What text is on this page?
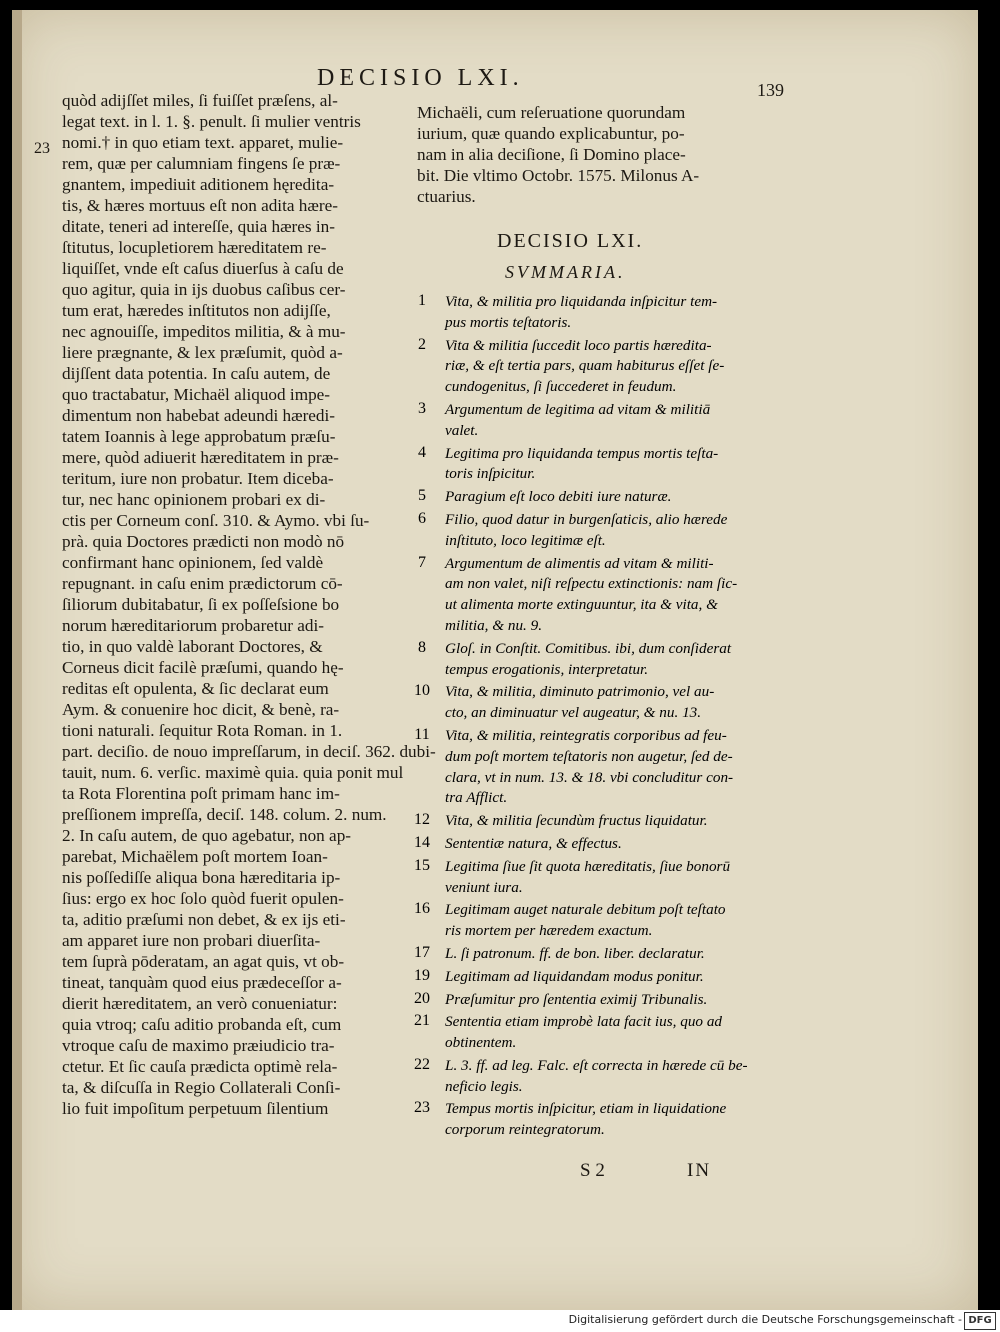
DECISIO LXI.	139
23
quòd adijſſet miles, ſi fuiſſet præſens, al-
legat text. in l. 1. §. penult. ſi mulier ventris
nomi.† in quo etiam text. apparet, mulie-
rem, quæ per calumniam fingens ſe præ-
gnantem, impediuit aditionem hęredita-
tis, & hæres mortuus eſt non adita hære-
ditate, teneri ad intereſſe, quia hæres in-
ſtitutus, locupletiorem hæreditatem re-
liquiſſet, vnde eſt caſus diuerſus à caſu de
quo agitur, quia in ijs duobus caſibus cer-
tum erat, hæredes inſtitutos non adijſſe,
nec agnouiſſe, impeditos militia, & à mu-
liere prægnante, & lex præſumit, quòd a-
dijſſent data potentia. In caſu autem, de
quo tractabatur, Michaël aliquod impe-
dimentum non habebat adeundi hæredi-
tatem Ioannis à lege approbatum præſu-
mere, quòd adiuerit hæreditatem in præ-
teritum, iure non probatur. Item diceba-
tur, nec hanc opinionem probari ex di-
ctis per Corneum conſ. 310. & Aymo. vbi ſu-
prà. quia Doctores prædicti non modò nō
confirmant hanc opinionem, ſed valdè
repugnant. in caſu enim prædictorum cō-
ſiliorum dubitabatur, ſi ex poſſeſsione bo
norum hæreditariorum probaretur adi-
tio, in quo valdè laborant Doctores, &
Corneus dicit facilè præſumi, quando hę-
reditas eſt opulenta, & ſic declarat eum
Aym. & conuenire hoc dicit, & benè, ra-
tioni naturali. ſequitur Rota Roman. in 1.
part. deciſio. de nouo impreſſarum, in deciſ. 362. dubi-
tauit, num. 6. verſic. maximè quia. quia ponit mul
ta Rota Florentina poſt primam hanc im-
preſſionem impreſſa, deciſ. 148. colum. 2. num.
2. In caſu autem, de quo agebatur, non ap-
parebat, Michaëlem poſt mortem Ioan-
nis poſſediſſe aliqua bona hæreditaria ip-
ſius: ergo ex hoc ſolo quòd fuerit opulen-
ta, aditio præſumi non debet, & ex ijs eti-
am apparet iure non probari diuerſita-
tem ſuprà pōderatam, an agat quis, vt ob-
tineat, tanquàm quod eius prædeceſſor a-
dierit hæreditatem, an verò conueniatur:
quia vtroq; caſu aditio probanda eſt, cum
vtroque caſu de maximo præiudicio tra-
ctetur. Et ſic cauſa prædicta optimè rela-
ta, & diſcuſſa in Regio Collaterali Conſi-
lio fuit impoſitum perpetuum ſilentium
Michaëli, cum reſeruatione quorundam
iurium, quæ quando explicabuntur, po-
nam in alia deciſione, ſi Domino place-
bit. Die vltimo Octobr. 1575. Milonus A-
ctuarius.
DECISIO LXI.
SVMMARIA.
1	Vita, & militia pro liquidanda inſpicitur tem-
pus mortis teſtatoris.
2	Vita & militia ſuccedit loco partis hæredita-
riæ, & eſt tertia pars, quam habiturus eſſet ſe-
cundogenitus, ſi ſuccederet in feudum.
3	Argumentum de legitima ad vitam & militiā
valet.
4	Legitima pro liquidanda tempus mortis teſta-
toris inſpicitur.
5	Paragium eſt loco debiti iure naturæ.
6	Filio, quod datur in burgenſaticis, alio hærede
inſtituto, loco legitimæ eſt.
7	Argumentum de alimentis ad vitam & militi-
am non valet, niſi reſpectu extinctionis: nam ſic-
ut alimenta morte extinguuntur, ita & vita, &
militia, & nu. 9.
8	Gloſ. in Conſtit. Comitibus. ibi, dum conſiderat
tempus erogationis, interpretatur.
10 Vita, & militia, diminuto patrimonio, vel au-
cto, an diminuatur vel augeatur, & nu. 13.
11	Vita, & militia, reintegratis corporibus ad feu-
dum poſt mortem teſtatoris non augetur, ſed de-
clara, vt in num. 13. & 18. vbi concluditur con-
tra Afflict.
12 Vita, & militia ſecundùm fructus liquidatur.
14 Sententiæ natura, & effectus.
15 Legitima ſiue ſit quota hæreditatis, ſiue bonorū
veniunt iura.
16 Legitimam auget naturale debitum poſt teſtato
ris mortem per hæredem exactum.
17 L. ſi patronum. ff. de bon. liber. declaratur.
19 Legitimam ad liquidandam modus ponitur.
20 Præſumitur pro ſententia eximij Tribunalis.
21 Sententia etiam improbè lata facit ius, quo ad
obtinentem.
22 L. 3. ff. ad leg. Falc. eſt correcta in hærede cū be-
neficio legis.
23 Tempus mortis inſpicitur, etiam in liquidatione
corporum reintegratorum.
S 2	IN
Digitalisierung gefördert durch die Deutsche Forschungsgemeinschaft - DFG
